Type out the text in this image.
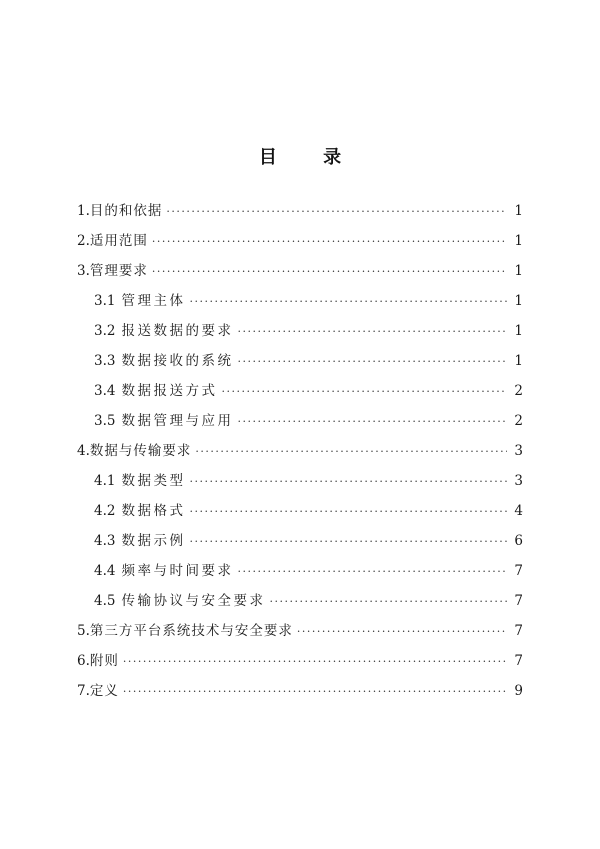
目 录
1. 目的和依据 ·····	1
2. 适用范围 ·····	1
3. 管理要求 ·····	1
3.1 管理主体 ·····	1
3.2 报送数据的要求 ·····	1
3.3 数据接收的系统 ·····	1
3.4 数据报送方式 ·····	2
3.5 数据管理与应用 ·····	2
4. 数据与传输要求 ·····	3
4.1 数据类型 ·····	3
4.2 数据格式 ·····	4
4.3 数据示例 ·····	6
4.4 频率与时间要求 ·····	7
4.5 传输协议与安全要求 ·····	7
5. 第三方平台系统技术与安全要求 ·····	7
6. 附则 ·····	7
7. 定义 ·····	9
